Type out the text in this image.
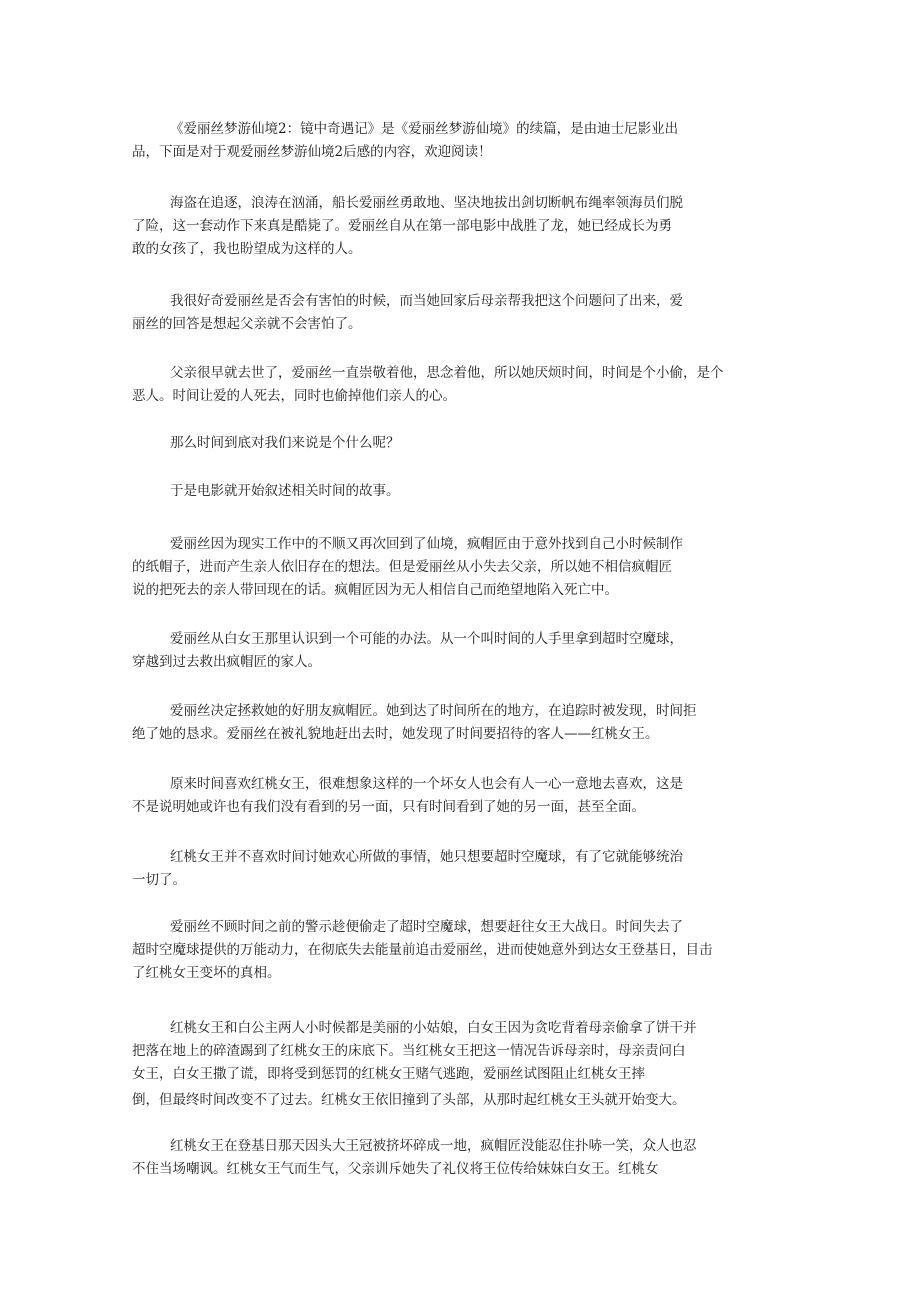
《爱丽丝梦游仙境2：镜中奇遇记》是《爱丽丝梦游仙境》的续篇，是由迪士尼影业出
品，下面是对于观爱丽丝梦游仙境2后感的内容，欢迎阅读！
海盗在追逐，浪涛在汹涌，船长爱丽丝勇敢地、坚决地拔出剑切断帆布绳率领海员们脱
了险，这一套动作下来真是酷毙了。爱丽丝自从在第一部电影中战胜了龙，她已经成长为勇
敢的女孩了，我也盼望成为这样的人。
我很好奇爱丽丝是否会有害怕的时候，而当她回家后母亲帮我把这个问题问了出来，爱
丽丝的回答是想起父亲就不会害怕了。
父亲很早就去世了，爱丽丝一直崇敬着他，思念着他，所以她厌烦时间，时间是个小偷，是个
恶人。时间让爱的人死去，同时也偷掉他们亲人的心。
那么时间到底对我们来说是个什么呢？
于是电影就开始叙述相关时间的故事。
爱丽丝因为现实工作中的不顺又再次回到了仙境，疯帽匠由于意外找到自己小时候制作
的纸帽子，进而产生亲人依旧存在的想法。但是爱丽丝从小失去父亲，所以她不相信疯帽匠
说的把死去的亲人带回现在的话。疯帽匠因为无人相信自己而绝望地陷入死亡中。
爱丽丝从白女王那里认识到一个可能的办法。从一个叫时间的人手里拿到超时空魔球，
穿越到过去救出疯帽匠的家人。
爱丽丝决定拯救她的好朋友疯帽匠。她到达了时间所在的地方，在追踪时被发现，时间拒
绝了她的恳求。爱丽丝在被礼貌地赶出去时，她发现了时间要招待的客人——红桃女王。
原来时间喜欢红桃女王，很难想象这样的一个坏女人也会有人一心一意地去喜欢，这是
不是说明她或许也有我们没有看到的另一面，只有时间看到了她的另一面，甚至全面。
红桃女王并不喜欢时间讨她欢心所做的事情，她只想要超时空魔球，有了它就能够统治
一切了。
爱丽丝不顾时间之前的警示趁便偷走了超时空魔球，想要赶往女王大战日。时间失去了
超时空魔球提供的万能动力，在彻底失去能量前追击爱丽丝，进而使她意外到达女王登基日，目击
了红桃女王变坏的真相。
红桃女王和白公主两人小时候都是美丽的小姑娘，白女王因为贪吃背着母亲偷拿了饼干并
把落在地上的碎渣踢到了红桃女王的床底下。当红桃女王把这一情况告诉母亲时，母亲责问白
女王，白女王撒了谎，即将受到惩罚的红桃女王赌气逃跑，爱丽丝试图阻止红桃女王摔
倒，但最终时间改变不了过去。红桃女王依旧撞到了头部，从那时起红桃女王头就开始变大。
红桃女王在登基日那天因头大王冠被挤坏碎成一地，疯帽匠没能忍住扑哧一笑，众人也忍
不住当场嘲讽。红桃女王气而生气，父亲训斥她失了礼仪将王位传给妹妹白女王。红桃女
